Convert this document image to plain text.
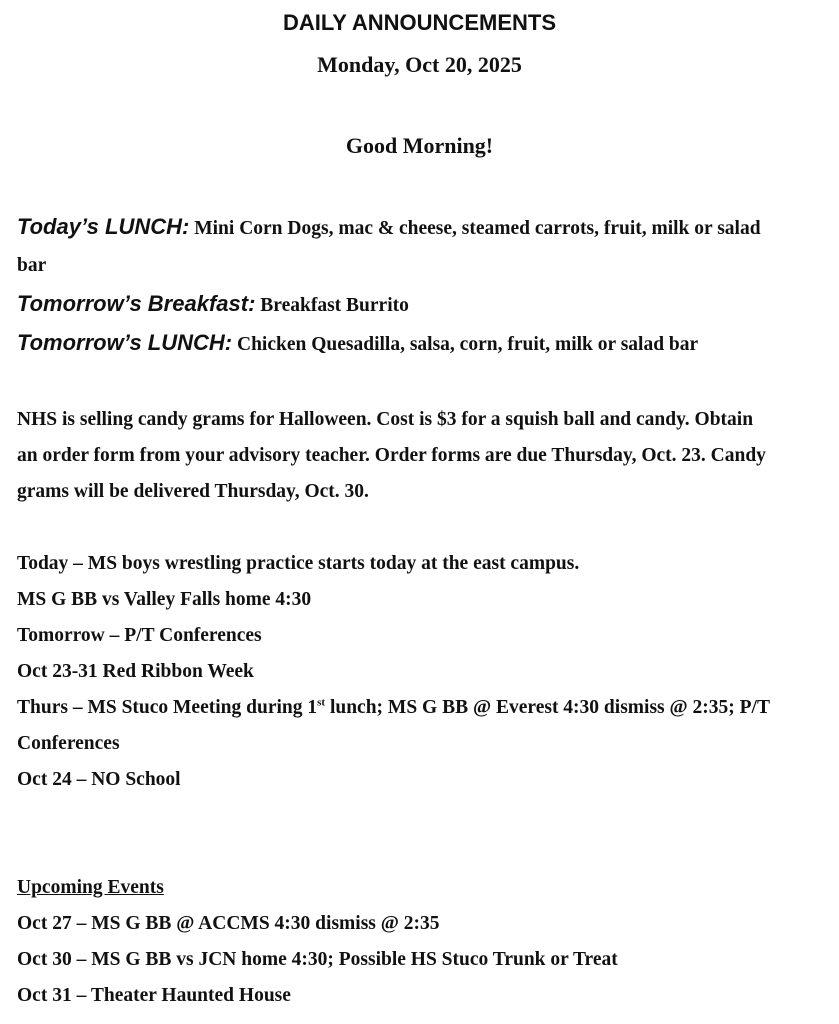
DAILY ANNOUNCEMENTS
Monday, Oct 20, 2025
Good Morning!
Today’s LUNCH: Mini Corn Dogs, mac & cheese, steamed carrots, fruit, milk or salad
bar
Tomorrow’s Breakfast: Breakfast Burrito
Tomorrow’s LUNCH: Chicken Quesadilla, salsa, corn, fruit, milk or salad bar
NHS is selling candy grams for Halloween. Cost is $3 for a squish ball and candy. Obtain
an order form from your advisory teacher. Order forms are due Thursday, Oct. 23. Candy
grams will be delivered Thursday, Oct. 30.
Today – MS boys wrestling practice starts today at the east campus.
MS G BB vs Valley Falls home 4:30
Tomorrow – P/T Conferences
Oct 23-31 Red Ribbon Week
Thurs – MS Stuco Meeting during 1st lunch; MS G BB @ Everest 4:30 dismiss @ 2:35; P/T
Conferences
Oct 24 – NO School
Upcoming Events
Oct 27 – MS G BB @ ACCMS 4:30 dismiss @ 2:35
Oct 30 – MS G BB vs JCN home 4:30; Possible HS Stuco Trunk or Treat
Oct 31 – Theater Haunted House
